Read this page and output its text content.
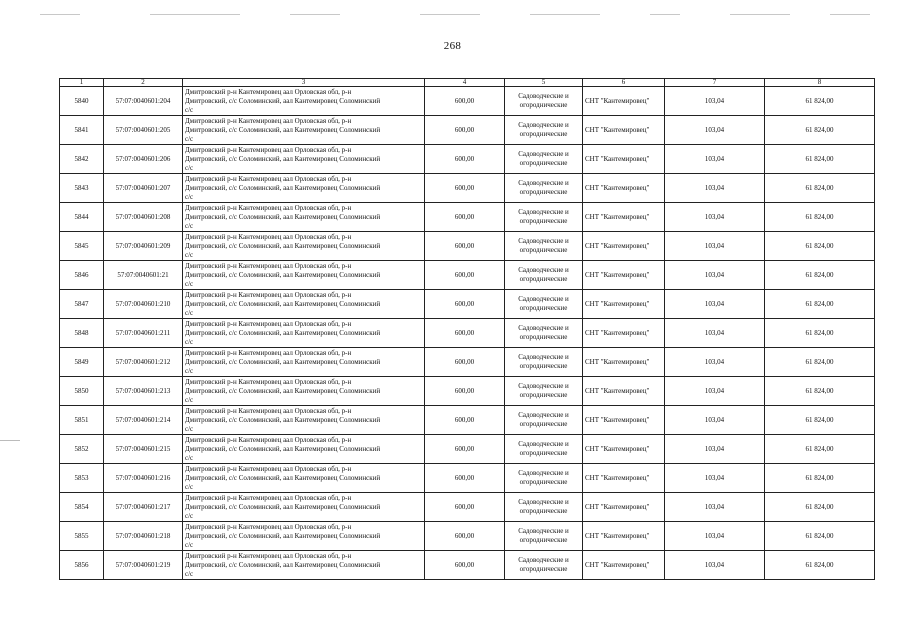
268
1	2	3	4	5	6	7	8
5840	57:07:0040601:204	Дмитровский р-н Кантемировец аал Орловская обл, р-н
Дмитровский, с/с Соломинский, аал Кантемировец Соломинский
с/с	600,00	Садоводческие и огороднические	СНТ "Кантемировец"	103,04	61 824,00
5841	57:07:0040601:205	Дмитровский р-н Кантемировец аал Орловская обл, р-н
Дмитровский, с/с Соломинский, аал Кантемировец Соломинский
с/с	600,00	Садоводческие и огороднические	СНТ "Кантемировец"	103,04	61 824,00
5842	57:07:0040601:206	Дмитровский р-н Кантемировец аал Орловская обл, р-н
Дмитровский, с/с Соломинский, аал Кантемировец Соломинский
с/с	600,00	Садоводческие и огороднические	СНТ "Кантемировец"	103,04	61 824,00
5843	57:07:0040601:207	Дмитровский р-н Кантемировец аал Орловская обл, р-н
Дмитровский, с/с Соломинский, аал Кантемировец Соломинский
с/с	600,00	Садоводческие и огороднические	СНТ "Кантемировец"	103,04	61 824,00
5844	57:07:0040601:208	Дмитровский р-н Кантемировец аал Орловская обл, р-н
Дмитровский, с/с Соломинский, аал Кантемировец Соломинский
с/с	600,00	Садоводческие и огороднические	СНТ "Кантемировец"	103,04	61 824,00
5845	57:07:0040601:209	Дмитровский р-н Кантемировец аал Орловская обл, р-н
Дмитровский, с/с Соломинский, аал Кантемировец Соломинский
с/с	600,00	Садоводческие и огороднические	СНТ "Кантемировец"	103,04	61 824,00
5846	57:07:0040601:21	Дмитровский р-н Кантемировец аал Орловская обл, р-н
Дмитровский, с/с Соломинский, аал Кантемировец Соломинский
с/с	600,00	Садоводческие и огороднические	СНТ "Кантемировец"	103,04	61 824,00
5847	57:07:0040601:210	Дмитровский р-н Кантемировец аал Орловская обл, р-н
Дмитровский, с/с Соломинский, аал Кантемировец Соломинский
с/с	600,00	Садоводческие и огороднические	СНТ "Кантемировец"	103,04	61 824,00
5848	57:07:0040601:211	Дмитровский р-н Кантемировец аал Орловская обл, р-н
Дмитровский, с/с Соломинский, аал Кантемировец Соломинский
с/с	600,00	Садоводческие и огороднические	СНТ "Кантемировец"	103,04	61 824,00
5849	57:07:0040601:212	Дмитровский р-н Кантемировец аал Орловская обл, р-н
Дмитровский, с/с Соломинский, аал Кантемировец Соломинский
с/с	600,00	Садоводческие и огороднические	СНТ "Кантемировец"	103,04	61 824,00
5850	57:07:0040601:213	Дмитровский р-н Кантемировец аал Орловская обл, р-н
Дмитровский, с/с Соломинский, аал Кантемировец Соломинский
с/с	600,00	Садоводческие и огороднические	СНТ "Кантемировец"	103,04	61 824,00
5851	57:07:0040601:214	Дмитровский р-н Кантемировец аал Орловская обл, р-н
Дмитровский, с/с Соломинский, аал Кантемировец Соломинский
с/с	600,00	Садоводческие и огороднические	СНТ "Кантемировец"	103,04	61 824,00
5852	57:07:0040601:215	Дмитровский р-н Кантемировец аал Орловская обл, р-н
Дмитровский, с/с Соломинский, аал Кантемировец Соломинский
с/с	600,00	Садоводческие и огороднические	СНТ "Кантемировец"	103,04	61 824,00
5853	57:07:0040601:216	Дмитровский р-н Кантемировец аал Орловская обл, р-н
Дмитровский, с/с Соломинский, аал Кантемировец Соломинский
с/с	600,00	Садоводческие и огороднические	СНТ "Кантемировец"	103,04	61 824,00
5854	57:07:0040601:217	Дмитровский р-н Кантемировец аал Орловская обл, р-н
Дмитровский, с/с Соломинский, аал Кантемировец Соломинский
с/с	600,00	Садоводческие и огороднические	СНТ "Кантемировец"	103,04	61 824,00
5855	57:07:0040601:218	Дмитровский р-н Кантемировец аал Орловская обл, р-н
Дмитровский, с/с Соломинский, аал Кантемировец Соломинский
с/с	600,00	Садоводческие и огороднические	СНТ "Кантемировец"	103,04	61 824,00
5856	57:07:0040601:219	Дмитровский р-н Кантемировец аал Орловская обл, р-н
Дмитровский, с/с Соломинский, аал Кантемировец Соломинский
с/с	600,00	Садоводческие и огороднические	СНТ "Кантемировец"	103,04	61 824,00
